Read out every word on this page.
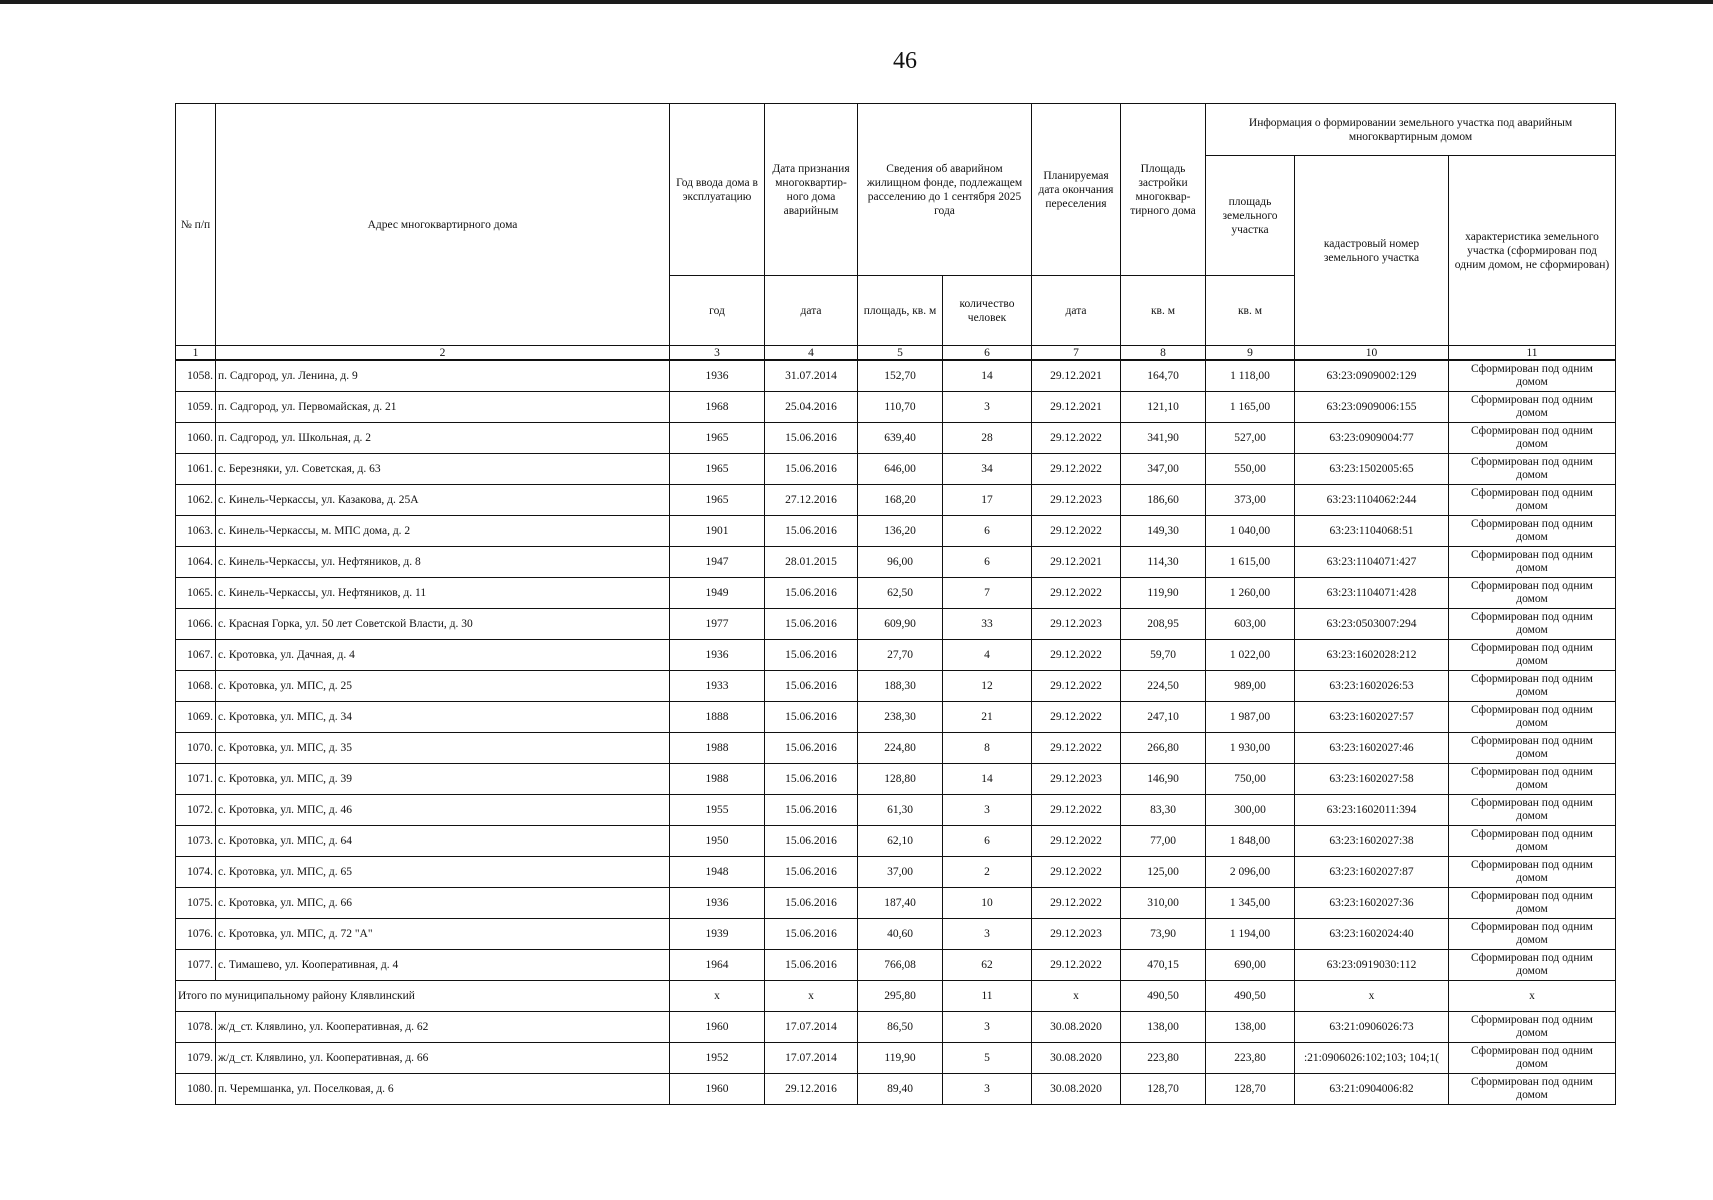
46
№ п/п	Адрес многоквартирного дома	Год ввода дома в эксплуатацию	Дата признания многоквартир-ного дома аварийным	Сведения об аварийном жилищном фонде, подлежащем расселению до 1 сентября 2025 года		Планируемая дата окончания переселения	Площадь застройки многоквар-тирного дома	Информация о формировании земельного участка под аварийным многоквартирным домом		
								площадь земельного участка	кадастровый номер земельного участка	характеристика земельного участка (сформирован под одним домом, не сформирован)
		год	дата	площадь, кв. м	количество человек	дата	кв. м	кв. м		
1	2	3	4	5	6	7	8	9	10	11
1058.	п. Садгород, ул. Ленина, д. 9	1936	31.07.2014	152,70	14	29.12.2021	164,70	1 118,00	63:23:0909002:129	Сформирован под одним
домом

1059.	п. Садгород, ул. Первомайская, д. 21	1968	25.04.2016	110,70	3	29.12.2021	121,10	1 165,00	63:23:0909006:155	Сформирован под одним
домом

1060.	п. Садгород, ул. Школьная, д. 2	1965	15.06.2016	639,40	28	29.12.2022	341,90	527,00	63:23:0909004:77	Сформирован под одним
домом

1061.	с. Березняки, ул. Советская, д. 63	1965	15.06.2016	646,00	34	29.12.2022	347,00	550,00	63:23:1502005:65	Сформирован под одним
домом

1062.	с. Кинель-Черкассы, ул. Казакова, д. 25А	1965	27.12.2016	168,20	17	29.12.2023	186,60	373,00	63:23:1104062:244	Сформирован под одним
домом

1063.	с. Кинель-Черкассы, м. МПС дома, д. 2	1901	15.06.2016	136,20	6	29.12.2022	149,30	1 040,00	63:23:1104068:51	Сформирован под одним
домом

1064.	с. Кинель-Черкассы, ул. Нефтяников, д. 8	1947	28.01.2015	96,00	6	29.12.2021	114,30	1 615,00	63:23:1104071:427	Сформирован под одним
домом

1065.	с. Кинель-Черкассы, ул. Нефтяников, д. 11	1949	15.06.2016	62,50	7	29.12.2022	119,90	1 260,00	63:23:1104071:428	Сформирован под одним
домом

1066.	с. Красная Горка, ул. 50 лет Советской Власти, д. 30	1977	15.06.2016	609,90	33	29.12.2023	208,95	603,00	63:23:0503007:294	Сформирован под одним
домом

1067.	с. Кротовка, ул. Дачная, д. 4	1936	15.06.2016	27,70	4	29.12.2022	59,70	1 022,00	63:23:1602028:212	Сформирован под одним
домом

1068.	с. Кротовка, ул. МПС, д. 25	1933	15.06.2016	188,30	12	29.12.2022	224,50	989,00	63:23:1602026:53	Сформирован под одним
домом

1069.	с. Кротовка, ул. МПС, д. 34	1888	15.06.2016	238,30	21	29.12.2022	247,10	1 987,00	63:23:1602027:57	Сформирован под одним
домом

1070.	с. Кротовка, ул. МПС, д. 35	1988	15.06.2016	224,80	8	29.12.2022	266,80	1 930,00	63:23:1602027:46	Сформирован под одним
домом

1071.	с. Кротовка, ул. МПС, д. 39	1988	15.06.2016	128,80	14	29.12.2023	146,90	750,00	63:23:1602027:58	Сформирован под одним
домом

1072.	с. Кротовка, ул. МПС, д. 46	1955	15.06.2016	61,30	3	29.12.2022	83,30	300,00	63:23:1602011:394	Сформирован под одним
домом

1073.	с. Кротовка, ул. МПС, д. 64	1950	15.06.2016	62,10	6	29.12.2022	77,00	1 848,00	63:23:1602027:38	Сформирован под одним
домом

1074.	с. Кротовка, ул. МПС, д. 65	1948	15.06.2016	37,00	2	29.12.2022	125,00	2 096,00	63:23:1602027:87	Сформирован под одним
домом

1075.	с. Кротовка, ул. МПС, д. 66	1936	15.06.2016	187,40	10	29.12.2022	310,00	1 345,00	63:23:1602027:36	Сформирован под одним
домом

1076.	с. Кротовка, ул. МПС, д. 72 "А"	1939	15.06.2016	40,60	3	29.12.2023	73,90	1 194,00	63:23:1602024:40	Сформирован под одним
домом

1077.	с. Тимашево, ул. Кооперативная, д. 4	1964	15.06.2016	766,08	62	29.12.2022	470,15	690,00	63:23:0919030:112	Сформирован под одним
домом

Итого по муниципальному району Клявлинский		x	x	295,80	11	x	490,50	490,50	x	x
1078.	ж/д_ст. Клявлино, ул. Кооперативная, д. 62	1960	17.07.2014	86,50	3	30.08.2020	138,00	138,00	63:21:0906026:73	Сформирован под одним
домом

1079.	ж/д_ст. Клявлино, ул. Кооперативная, д. 66	1952	17.07.2014	119,90	5	30.08.2020	223,80	223,80	:21:0906026:102;103; 104;1(	Сформирован под одним
домом

1080.	п. Черемшанка, ул. Поселковая, д. 6	1960	29.12.2016	89,40	3	30.08.2020	128,70	128,70	63:21:0904006:82	Сформирован под одним
домом
